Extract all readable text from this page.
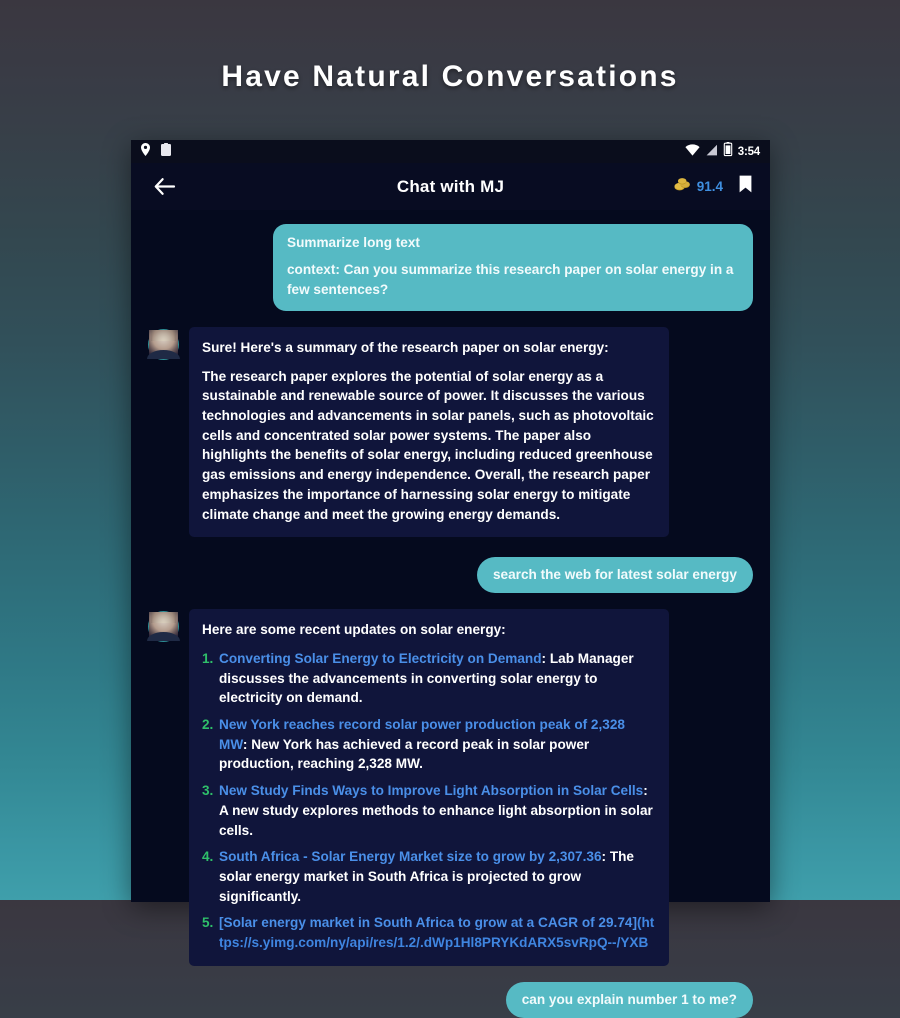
Have Natural Conversations
3:54
Chat with MJ	91.4

Summarize long text

context: Can you summarize this research paper on solar energy in a few sentences?

Sure! Here's a summary of the research paper on solar energy:

The research paper explores the potential of solar energy as a sustainable and renewable source of power. It discusses the various technologies and advancements in solar panels, such as photovoltaic cells and concentrated solar power systems. The paper also highlights the benefits of solar energy, including reduced greenhouse gas emissions and energy independence. Overall, the research paper emphasizes the importance of harnessing solar energy to mitigate climate change and meet the growing energy demands.

search the web for latest solar energy

Here are some recent updates on solar energy:

1. Converting Solar Energy to Electricity on Demand: Lab Manager discusses the advancements in converting solar energy to electricity on demand.
2. New York reaches record solar power production peak of 2,328 MW: New York has achieved a record peak in solar power production, reaching 2,328 MW.
3. New Study Finds Ways to Improve Light Absorption in Solar Cells: A new study explores methods to enhance light absorption in solar cells.
4. South Africa - Solar Energy Market size to grow by 2,307.36: The solar energy market in South Africa is projected to grow significantly.
5. [Solar energy market in South Africa to grow at a CAGR of 29.74](https://s.yimg.com/ny/api/res/1.2/.dWp1Hl8PRYKdARX5svRpQ--/YXB
can you explain number 1 to me?
